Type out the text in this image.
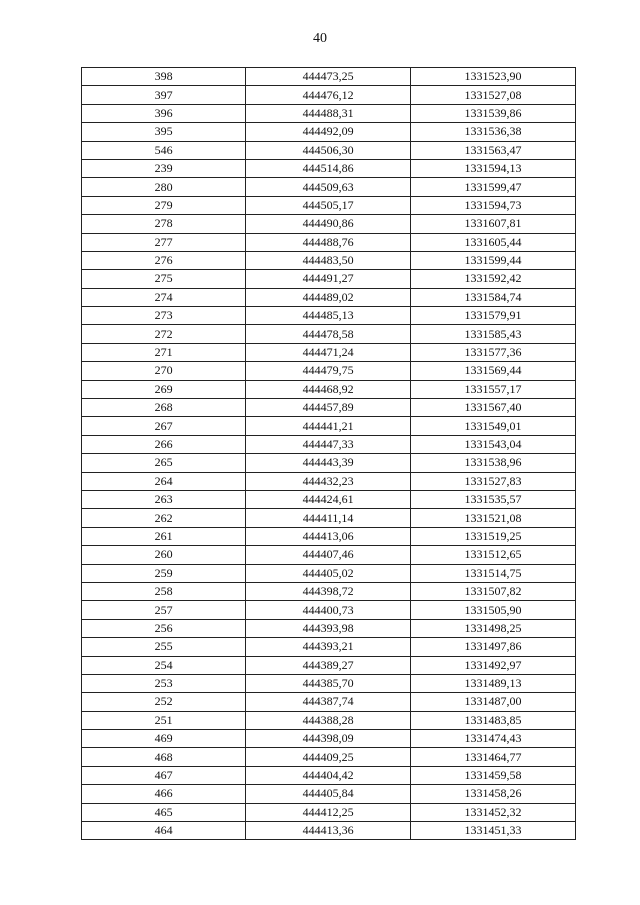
40
398	444473,25	1331523,90
397	444476,12	1331527,08
396	444488,31	1331539,86
395	444492,09	1331536,38
546	444506,30	1331563,47
239	444514,86	1331594,13
280	444509,63	1331599,47
279	444505,17	1331594,73
278	444490,86	1331607,81
277	444488,76	1331605,44
276	444483,50	1331599,44
275	444491,27	1331592,42
274	444489,02	1331584,74
273	444485,13	1331579,91
272	444478,58	1331585,43
271	444471,24	1331577,36
270	444479,75	1331569,44
269	444468,92	1331557,17
268	444457,89	1331567,40
267	444441,21	1331549,01
266	444447,33	1331543,04
265	444443,39	1331538,96
264	444432,23	1331527,83
263	444424,61	1331535,57
262	444411,14	1331521,08
261	444413,06	1331519,25
260	444407,46	1331512,65
259	444405,02	1331514,75
258	444398,72	1331507,82
257	444400,73	1331505,90
256	444393,98	1331498,25
255	444393,21	1331497,86
254	444389,27	1331492,97
253	444385,70	1331489,13
252	444387,74	1331487,00
251	444388,28	1331483,85
469	444398,09	1331474,43
468	444409,25	1331464,77
467	444404,42	1331459,58
466	444405,84	1331458,26
465	444412,25	1331452,32
464	444413,36	1331451,33
